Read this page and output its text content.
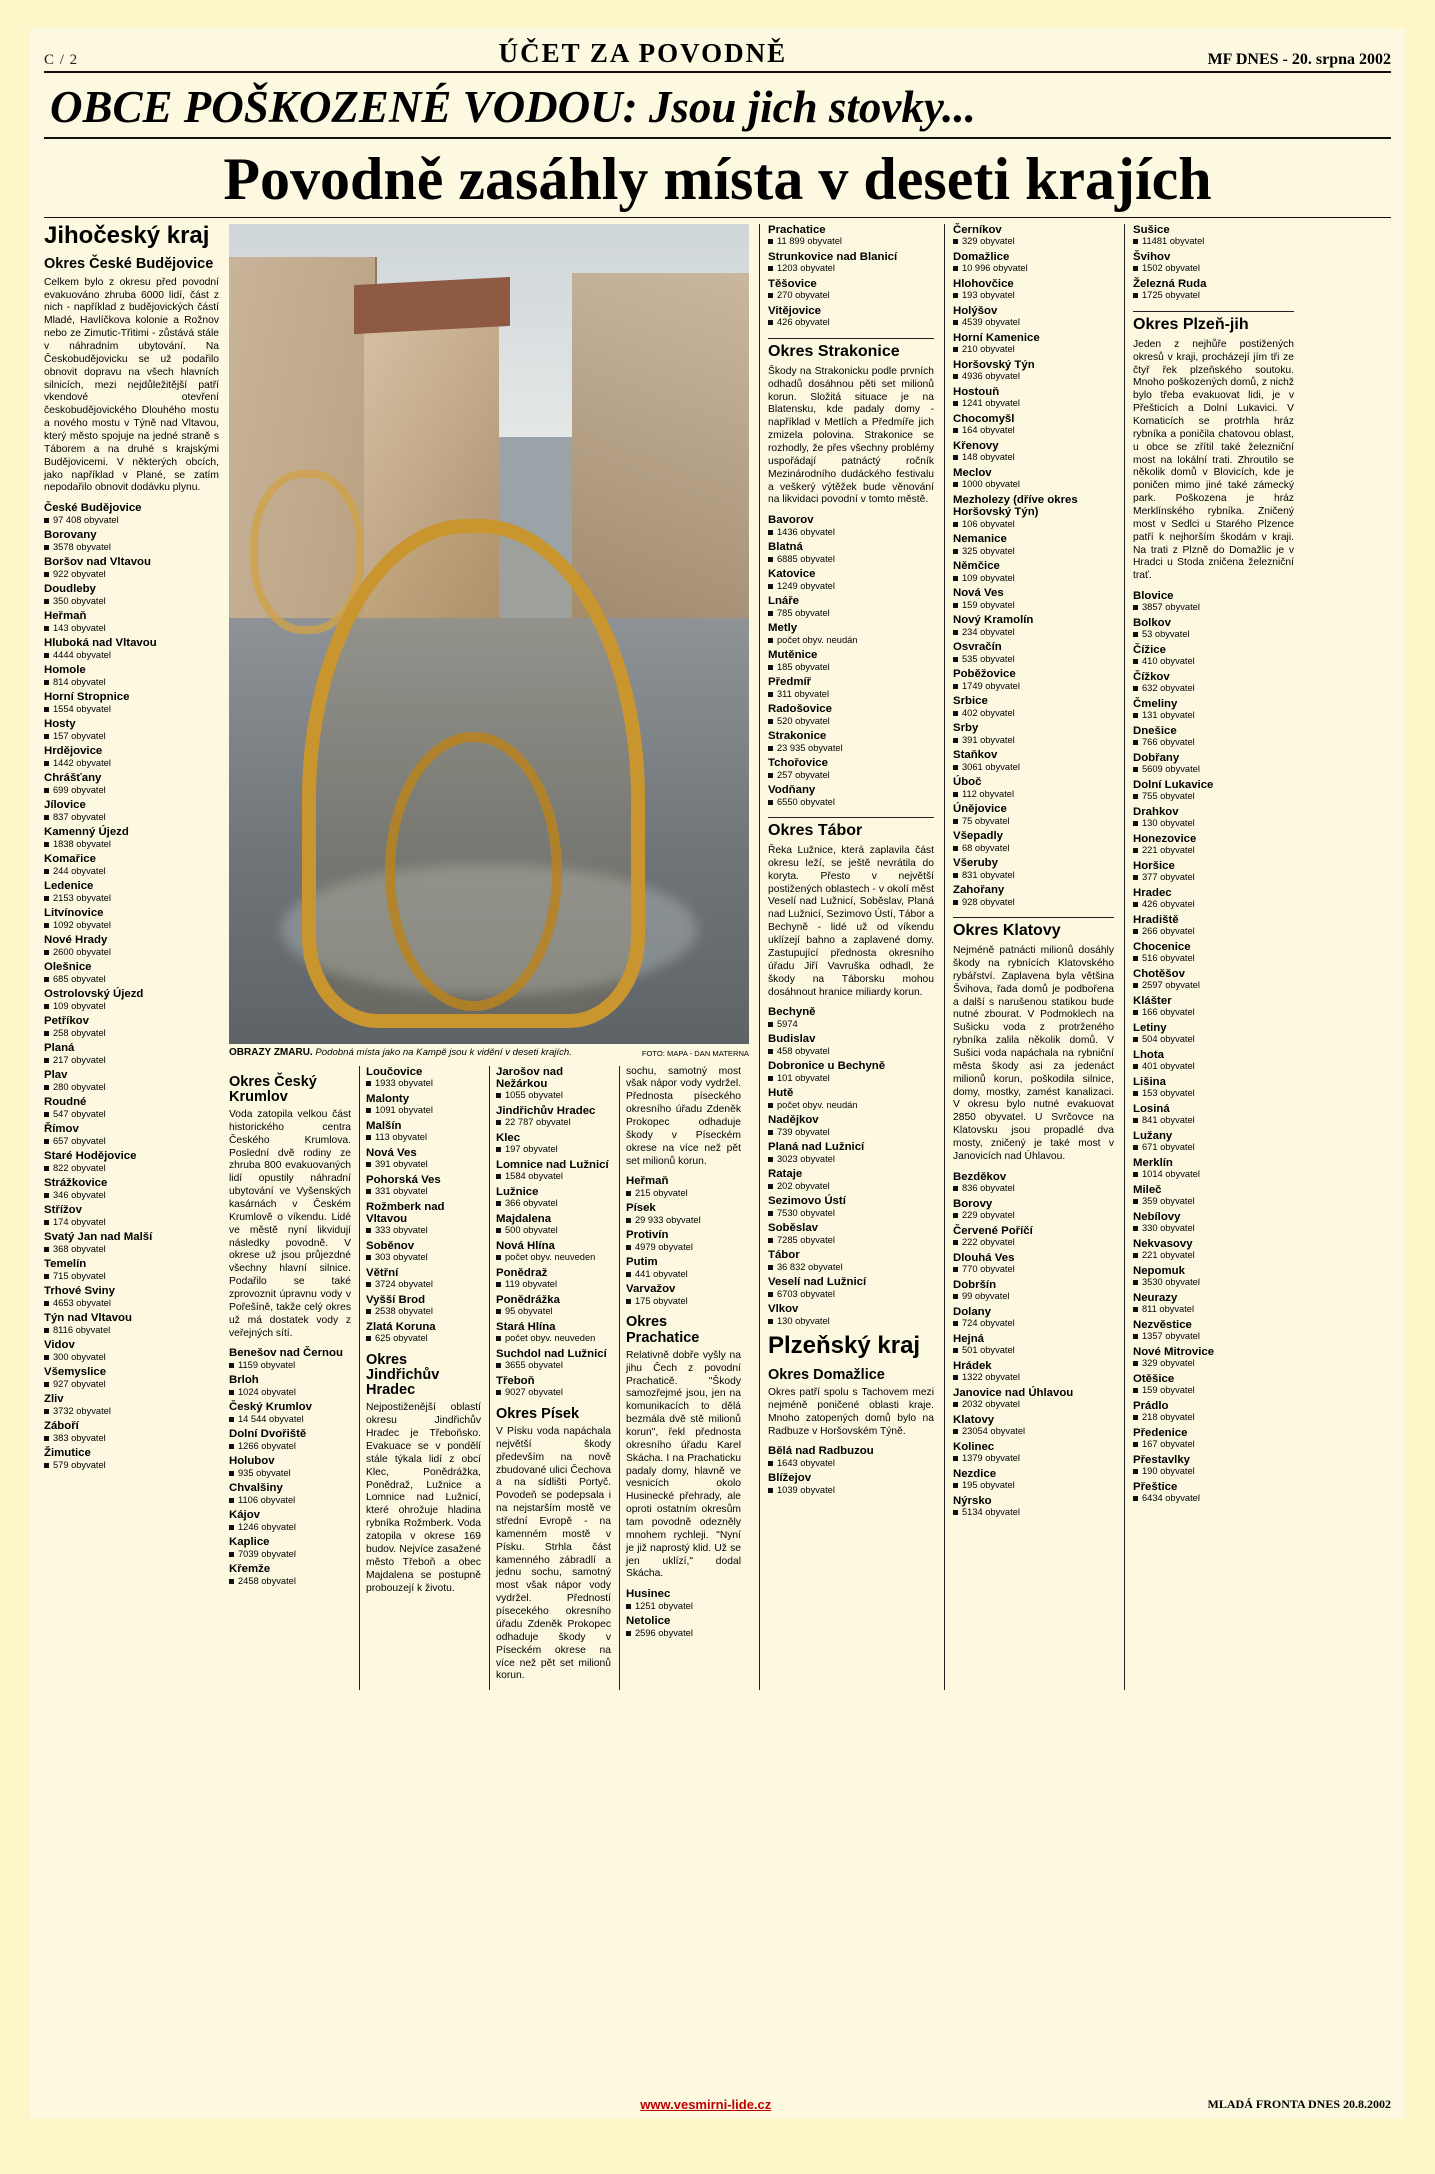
C / 2	ÚČET ZA POVODNĚ	MF DNES - 20. srpna 2002
OBCE POŠKOZENÉ VODOU: Jsou jich stovky...
Povodně zasáhly místa v deseti krajích
Jihočeský kraj
Okres České Budějovice

Celkem bylo z okresu před povodní evakuováno zhruba 6000 lidí, část z nich - například z budějovických částí Mladé, Havlíčkova kolonie a Rožnov nebo ze Zimutic-Třitimi - zůstává stále v náhradním ubytování. Na Českobudějovicku se už podařilo obnovit dopravu na všech hlavních silnicích, mezi nejdůležitější patří vkendové otevření českobudějovického Dlouhého mostu a nového mostu v Týně nad Vltavou, který město spojuje na jedné straně s Táborem a na druhé s krajskými Budějovicemi. V některých obcích, jako například v Plané, se zatím nepodařilo obnovit dodávku plynu.

České Budějovice
97 408 obyvatel
Borovany
3578 obyvatel
Boršov nad Vltavou
922 obyvatel
Doudleby
350 obyvatel
Heřmaň
143 obyvatel
Hluboká nad Vltavou
4444 obyvatel
Homole
814 obyvatel
Horní Stropnice
1554 obyvatel
Hosty
157 obyvatel
Hrdějovice
1442 obyvatel
Chrášťany
699 obyvatel
Jílovice
837 obyvatel
Kamenný Újezd
1838 obyvatel
Komařice
244 obyvatel
Ledenice
2153 obyvatel
Litvínovice
1092 obyvatel
Nové Hrady
2600 obyvatel
Olešnice
685 obyvatel
Ostrolovský Újezd
109 obyvatel
Petříkov
258 obyvatel
Planá
217 obyvatel
Plav
280 obyvatel
Roudné
547 obyvatel
Římov
657 obyvatel
Staré Hodějovice
822 obyvatel
Strážkovice
346 obyvatel
Střížov
174 obyvatel
Svatý Jan nad Malší
368 obyvatel
Temelín
715 obyvatel
Trhové Sviny
4653 obyvatel
Týn nad Vltavou
8116 obyvatel
Vidov
300 obyvatel
Všemyslice
927 obyvatel
Zliv
3732 obyvatel
Záboří
383 obyvatel
Žimutice
579 obyvatel
OBRAZY ZMARU. Podobná místa jako na Kampě jsou k vidění v deseti krajích.	FOTO: MAPA - DAN MATERNA
Okres Český Krumlov

Voda zatopila velkou část historického centra Českého Krumlova. Poslední dvě rodiny ze zhruba 800 evakuovaných lidí opustily náhradní ubytování ve Vyšenských kasárnách v Českém Krumlově o víkendu. Lidé ve městě nyní likvidují následky povodně. V okrese už jsou průjezdné všechny hlavní silnice. Podařilo se také zprovoznit úpravnu vody v Pořešíně, takže celý okres už má dostatek vody z veřejných sítí.

Benešov nad Černou
1159 obyvatel
Brloh
1024 obyvatel
Český Krumlov
14 544 obyvatel
Dolní Dvořiště
1266 obyvatel
Holubov
935 obyvatel
Chvalšiny
1106 obyvatel
Kájov
1246 obyvatel
Kaplice
7039 obyvatel
Křemže
2458 obyvatel
Loučovice
1933 obyvatel
Malonty
1091 obyvatel
Malšín
113 obyvatel
Nová Ves
391 obyvatel
Pohorská Ves
331 obyvatel
Rožmberk nad Vltavou
333 obyvatel
Soběnov
303 obyvatel
Větřní
3724 obyvatel
Vyšší Brod
2538 obyvatel
Zlatá Koruna
625 obyvatel
Okres Jindřichův Hradec

Nejpostiženější oblastí okresu Jindřichův Hradec je Třeboňsko. Evakuace se v pondělí stále týkala lidí z obcí Klec, Ponědrážka, Ponědraž, Lužnice a Lomnice nad Lužnicí, které ohrožuje hladina rybníka Rožmberk. Voda zatopila v okrese 169 budov. Nejvíce zasažené město Třeboň a obec Majdalena se postupně probouzejí k životu.

Jarošov nad Nežárkou
1055 obyvatel
Jindřichův Hradec
22 787 obyvatel
Klec
197 obyvatel
Lomnice nad Lužnicí
1584 obyvatel
Lužnice
366 obyvatel
Majdalena
500 obyvatel
Nová Hlína
počet obyv. neuveden
Ponědraž
119 obyvatel
Ponědrážka
95 obyvatel
Stará Hlína
počet obyv. neuveden
Suchdol nad Lužnicí
3655 obyvatel
Třeboň
9027 obyvatel
Okres Písek

V Písku voda napáchala největší škody především na nově zbudované ulici Čechova a na sídlišti Portyč. Povodeň se podepsala i na nejstarším mostě ve střední Evropě - na kamenném mostě v Písku. Strhla část kamenného zábradlí a jednu sochu, samotný most však nápor vody vydržel. Předností písecekého okresního úřadu Zdeněk Prokopec odhaduje škody v Píseckém okrese na více než pět set milionů korun.

sochu, samotný most však nápor vody vydržel. Přednosta píseckého okresního úřadu Zdeněk Prokopec odhaduje škody v Píseckém okrese na více než pět set milionů korun.

Heřmaň
215 obyvatel
Písek
29 933 obyvatel
Protivín
4979 obyvatel
Putim
441 obyvatel
Varvažov
175 obyvatel
Okres Prachatice

Relativně dobře vyšly na jihu Čech z povodní Prachaticě. "Škody samozřejmé jsou, jen na komunikacích to dělá bezmála dvě stě milionů korun", řekl přednosta okresního úřadu Karel Skácha. I na Prachaticku padaly domy, hlavně ve vesnicích okolo Husinecké přehrady, ale oproti ostatním okresům tam povodně odezněly mnohem rychleji. "Nyní je již naprostý klid. Už se jen uklízí," dodal Skácha.

Husinec
1251 obyvatel
Netolice
2596 obyvatel
Prachatice
11 899 obyvatel
Strunkovice nad Blanicí
1203 obyvatel
Těšovice
270 obyvatel
Vitějovice
426 obyvatel
Okres Strakonice

Škody na Strakonicku podle prvních odhadů dosáhnou pěti set milionů korun. Složitá situace je na Blatensku, kde padaly domy - například v Metlích a Předmíře jich zmizela polovina. Strakonice se rozhodly, že přes všechny problémy uspořádají patnáctý ročník Mezinárodního dudáckého festivalu a veškerý výtěžek bude věnování na likvidaci povodní v tomto městě.

Bavorov
1436 obyvatel
Blatná
6885 obyvatel
Katovice
1249 obyvatel
Lnáře
785 obyvatel
Metly
počet obyv. neudán
Mutěnice
185 obyvatel
Předmíř
311 obyvatel
Radošovice
520 obyvatel
Strakonice
23 935 obyvatel
Tchořovice
257 obyvatel
Vodňany
6550 obyvatel
Okres Tábor

Řeka Lužnice, která zaplavila část okresu leží, se ještě nevrátila do koryta. Přesto v největší postižených oblastech - v okolí měst Veselí nad Lužnicí, Soběslav, Planá nad Lužnicí, Sezimovo Ústí, Tábor a Bechyně - lidé už od víkendu uklízejí bahno a zaplavené domy. Zastupující přednosta okresního úřadu Jiří Vavruška odhadl, že škody na Táborsku mohou dosáhnout hranice miliardy korun.

Bechyně
5974
Budislav
458 obyvatel
Dobronice u Bechyně
101 obyvatel
Hutě
počet obyv. neudán
Nadějkov
739 obyvatel
Planá nad Lužnicí
3023 obyvatel
Rataje
202 obyvatel
Sezimovo Ústí
7530 obyvatel
Soběslav
7285 obyvatel
Tábor
36 832 obyvatel
Veselí nad Lužnicí
6703 obyvatel
Vlkov
130 obyvatel
Plzeňský kraj
Okres Domažlice

Okres patří spolu s Tachovem mezi nejméně poničené oblasti kraje. Mnoho zatopených domů bylo na Radbuze v Horšovském Týně.

Bělá nad Radbuzou
1643 obyvatel
Blížejov
1039 obyvatel
Černíkov
329 obyvatel
Domažlice
10 996 obyvatel
Hlohovčice
193 obyvatel
Holýšov
4539 obyvatel
Horní Kamenice
210 obyvatel
Horšovský Týn
4936 obyvatel
Hostouň
1241 obyvatel
Chocomyšl
164 obyvatel
Křenovy
148 obyvatel
Meclov
1000 obyvatel
Mezholezy (dříve okres Horšovský Týn)
106 obyvatel
Nemanice
325 obyvatel
Němčice
109 obyvatel
Nová Ves
159 obyvatel
Nový Kramolín
234 obyvatel
Osvračín
535 obyvatel
Poběžovice
1749 obyvatel
Srbice
402 obyvatel
Srby
391 obyvatel
Staňkov
3061 obyvatel
Úboč
112 obyvatel
Únějovice
75 obyvatel
Všepadly
68 obyvatel
Všeruby
831 obyvatel
Zahořany
928 obyvatel
Okres Klatovy

Nejméně patnácti milionů dosáhly škody na rybnících Klatovského rybářství. Zaplavena byla většina Švihova, řada domů je podbořena a další s narušenou statikou bude nutné zbourat. V Podmoklech na Sušicku voda z protrženého rybníka zalila několik domů. V Sušici voda napáchala na rybniční města škody asi za jedenáct milionů korun, poškodila silnice, domy, mostky, zamést kanalizaci. V okresu bylo nutné evakuovat 2850 obyvatel. U Svrčovce na Klatovsku jsou propadlé dva mosty, zničený je také most v Janovicích nad Úhlavou.

Bezděkov
836 obyvatel
Borovy
229 obyvatel
Červené Poříčí
222 obyvatel
Dlouhá Ves
770 obyvatel
Dobršín
99 obyvatel
Dolany
724 obyvatel
Hejná
501 obyvatel
Hrádek
1322 obyvatel
Janovice nad Úhlavou
2032 obyvatel
Klatovy
23054 obyvatel
Kolinec
1379 obyvatel
Nezdice
195 obyvatel
Nýrsko
5134 obyvatel
Sušice
11481 obyvatel
Švihov
1502 obyvatel
Železná Ruda
1725 obyvatel
Okres Plzeň-jih

Jeden z nejhůře postižených okresů v kraji, procházejí jím tři ze čtyř řek plzeňského soutoku. Mnoho poškozených domů, z nichž bylo třeba evakuovat lidi, je v Přešticích a Dolní Lukavici. V Komaticích se protrhla hráz rybníka a poničila chatovou oblast, u obce se zřítil také železniční most na lokální trati. Zhroutilo se několik domů v Blovicích, kde je poničen mimo jiné také zámecký park. Poškozena je hráz Merklínského rybníka. Zničený most v Sedlci u Starého Plzence patří k nejhorším škodám v kraji. Na trati z Plzně do Domažlic je v Hradci u Stoda zničena železniční trať.

Blovice
3857 obyvatel
Bolkov
53 obyvatel
Čížice
410 obyvatel
Čížkov
632 obyvatel
Čmeliny
131 obyvatel
Dnešice
766 obyvatel
Dobřany
5609 obyvatel
Dolní Lukavice
755 obyvatel
Drahkov
130 obyvatel
Honezovice
221 obyvatel
Horšice
377 obyvatel
Hradec
426 obyvatel
Hradiště
266 obyvatel
Chocenice
516 obyvatel
Chotěšov
2597 obyvatel
Klášter
166 obyvatel
Letiny
504 obyvatel
Lhota
401 obyvatel
Lišina
153 obyvatel
Losiná
841 obyvatel
Lužany
671 obyvatel
Merklín
1014 obyvatel
Mileč
359 obyvatel
Nebílovy
330 obyvatel
Nekvasovy
221 obyvatel
Nepomuk
3530 obyvatel
Neurazy
811 obyvatel
Nezvěstice
1357 obyvatel
Nové Mitrovice
329 obyvatel
Otěšice
159 obyvatel
Prádlo
218 obyvatel
Předenice
167 obyvatel
Přestavlky
190 obyvatel
Přeštice
6434 obyvatel
www.vesmirni-lide.cz	MLADÁ FRONTA DNES 20.8.2002
